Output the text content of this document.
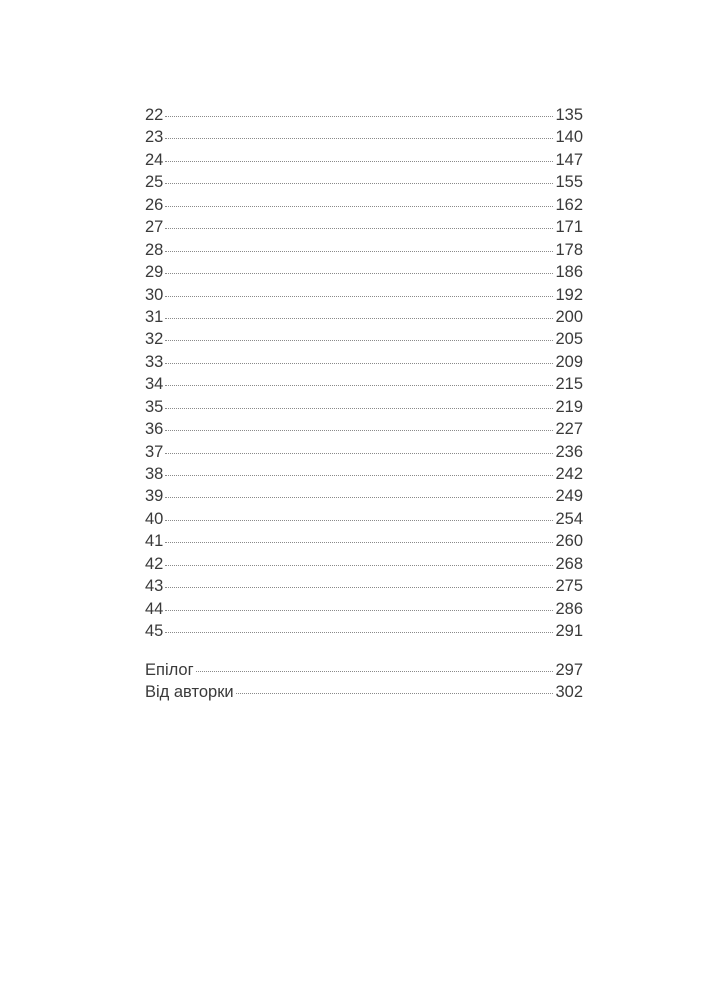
22	135
23	140
24	147
25	155
26	162
27	171
28	178
29	186
30	192
31	200
32	205
33	209
34	215
35	219
36	227
37	236
38	242
39	249
40	254
41	260
42	268
43	275
44	286
45	291
Епілог	297
Від авторки	302
